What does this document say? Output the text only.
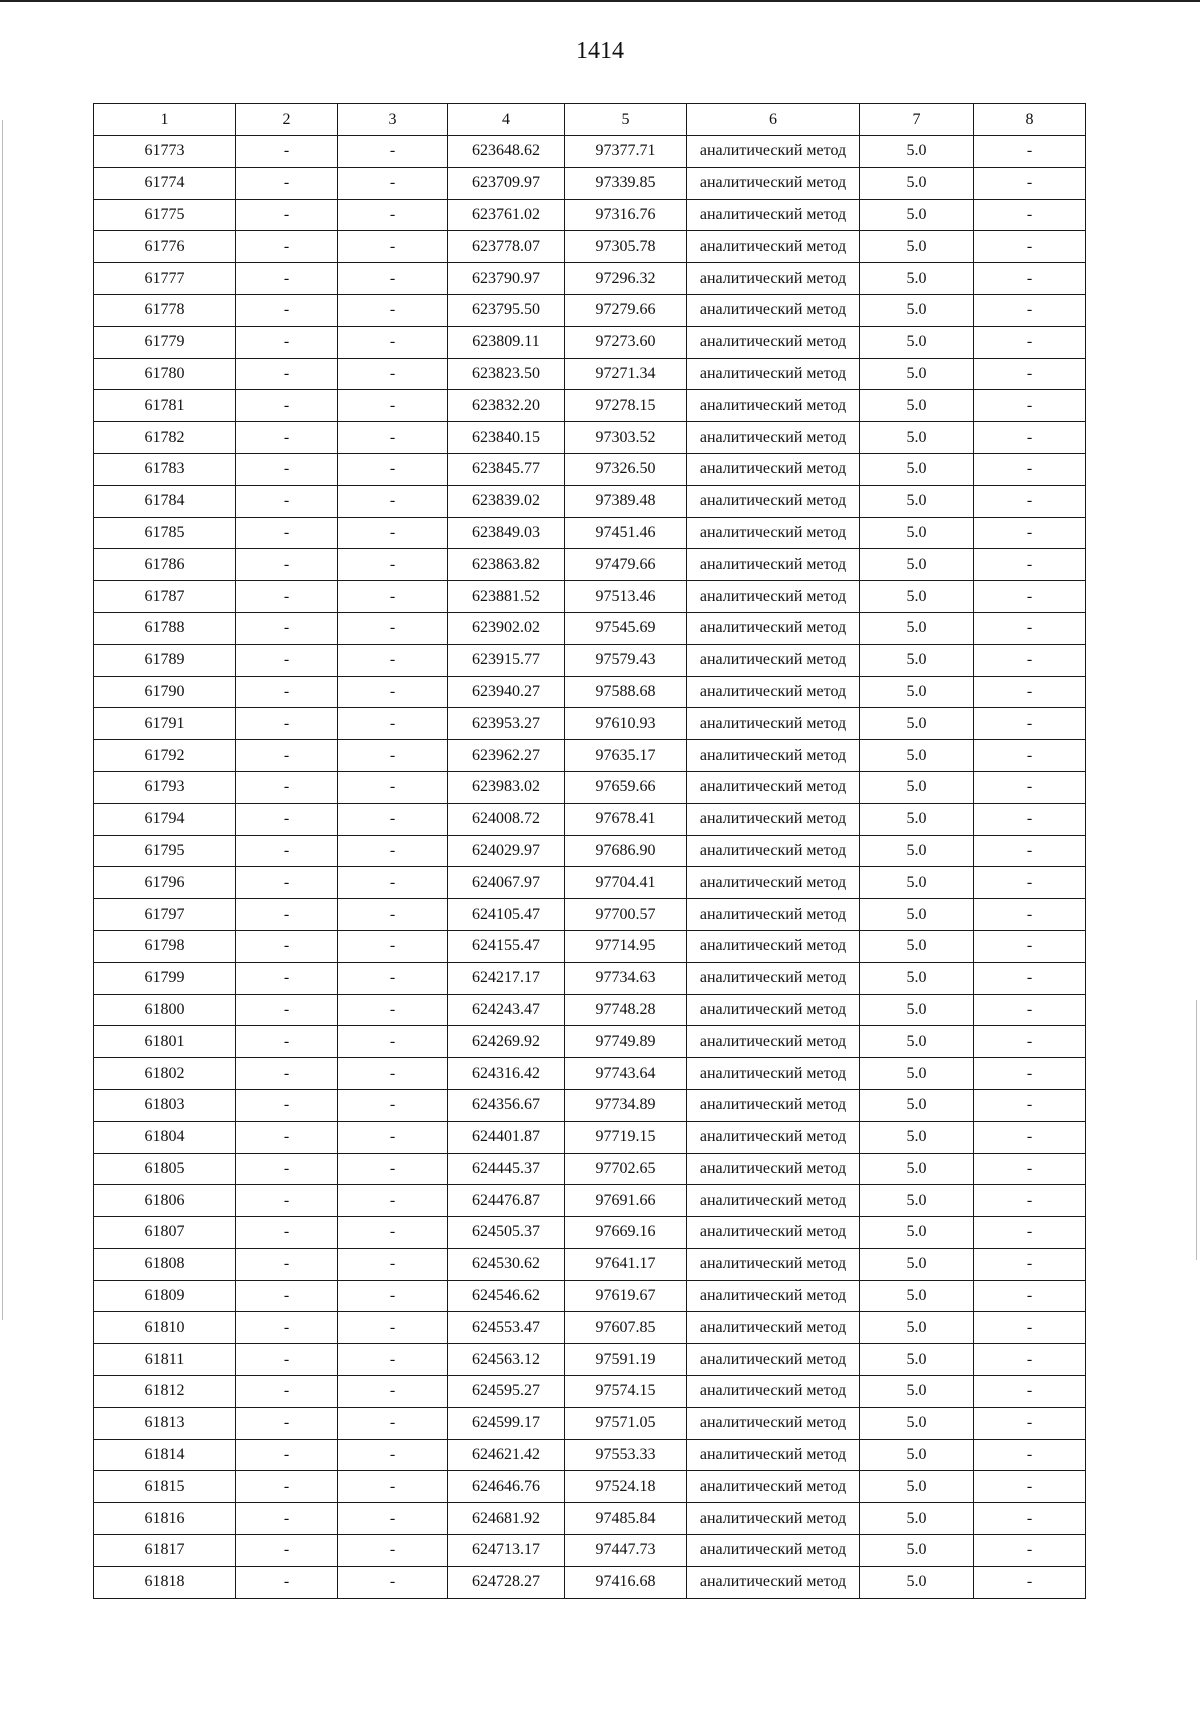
1414
1	2	3	4	5	6	7	8
61773	-	-	623648.62	97377.71	аналитический метод	5.0	-
61774	-	-	623709.97	97339.85	аналитический метод	5.0	-
61775	-	-	623761.02	97316.76	аналитический метод	5.0	-
61776	-	-	623778.07	97305.78	аналитический метод	5.0	-
61777	-	-	623790.97	97296.32	аналитический метод	5.0	-
61778	-	-	623795.50	97279.66	аналитический метод	5.0	-
61779	-	-	623809.11	97273.60	аналитический метод	5.0	-
61780	-	-	623823.50	97271.34	аналитический метод	5.0	-
61781	-	-	623832.20	97278.15	аналитический метод	5.0	-
61782	-	-	623840.15	97303.52	аналитический метод	5.0	-
61783	-	-	623845.77	97326.50	аналитический метод	5.0	-
61784	-	-	623839.02	97389.48	аналитический метод	5.0	-
61785	-	-	623849.03	97451.46	аналитический метод	5.0	-
61786	-	-	623863.82	97479.66	аналитический метод	5.0	-
61787	-	-	623881.52	97513.46	аналитический метод	5.0	-
61788	-	-	623902.02	97545.69	аналитический метод	5.0	-
61789	-	-	623915.77	97579.43	аналитический метод	5.0	-
61790	-	-	623940.27	97588.68	аналитический метод	5.0	-
61791	-	-	623953.27	97610.93	аналитический метод	5.0	-
61792	-	-	623962.27	97635.17	аналитический метод	5.0	-
61793	-	-	623983.02	97659.66	аналитический метод	5.0	-
61794	-	-	624008.72	97678.41	аналитический метод	5.0	-
61795	-	-	624029.97	97686.90	аналитический метод	5.0	-
61796	-	-	624067.97	97704.41	аналитический метод	5.0	-
61797	-	-	624105.47	97700.57	аналитический метод	5.0	-
61798	-	-	624155.47	97714.95	аналитический метод	5.0	-
61799	-	-	624217.17	97734.63	аналитический метод	5.0	-
61800	-	-	624243.47	97748.28	аналитический метод	5.0	-
61801	-	-	624269.92	97749.89	аналитический метод	5.0	-
61802	-	-	624316.42	97743.64	аналитический метод	5.0	-
61803	-	-	624356.67	97734.89	аналитический метод	5.0	-
61804	-	-	624401.87	97719.15	аналитический метод	5.0	-
61805	-	-	624445.37	97702.65	аналитический метод	5.0	-
61806	-	-	624476.87	97691.66	аналитический метод	5.0	-
61807	-	-	624505.37	97669.16	аналитический метод	5.0	-
61808	-	-	624530.62	97641.17	аналитический метод	5.0	-
61809	-	-	624546.62	97619.67	аналитический метод	5.0	-
61810	-	-	624553.47	97607.85	аналитический метод	5.0	-
61811	-	-	624563.12	97591.19	аналитический метод	5.0	-
61812	-	-	624595.27	97574.15	аналитический метод	5.0	-
61813	-	-	624599.17	97571.05	аналитический метод	5.0	-
61814	-	-	624621.42	97553.33	аналитический метод	5.0	-
61815	-	-	624646.76	97524.18	аналитический метод	5.0	-
61816	-	-	624681.92	97485.84	аналитический метод	5.0	-
61817	-	-	624713.17	97447.73	аналитический метод	5.0	-
61818	-	-	624728.27	97416.68	аналитический метод	5.0	-
